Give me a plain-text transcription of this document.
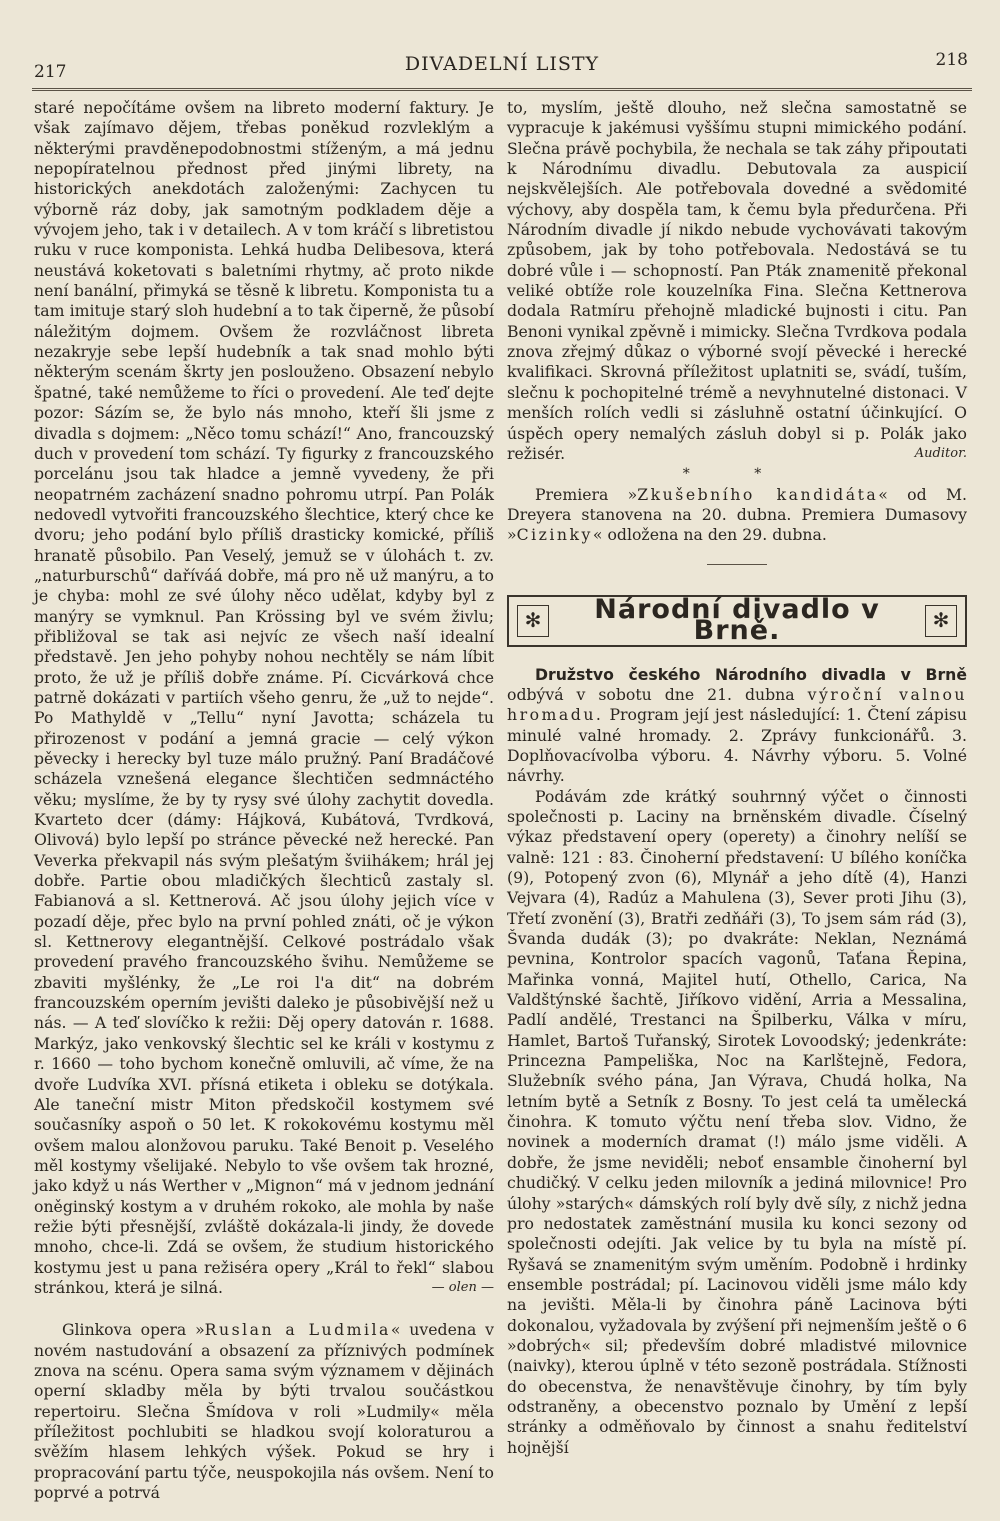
217	DIVADELNÍ LISTY	218

staré nepočítáme ovšem na libreto moderní faktury. Je však zajímavo dějem, třebas poněkud rozvleklým a některými pravděnepodobnostmi stíženým, a má jednu nepopíratelnou přednost před jinými librety, na historických anekdotách založenými: Zachycen tu výborně ráz doby, jak samotným podkladem děje a vývojem jeho, tak i v detailech. A v tom kráčí s libretistou ruku v ruce komponista. Lehká hudba Delibesova, která neustává koketovati s baletními rhytmy, ač proto nikde není banální, přimyká se těsně k libretu. Komponista tu a tam imituje starý sloh hudební a to tak čiperně, že působí náležitým dojmem. Ovšem že rozvláčnost libreta nezakryje sebe lepší hudebník a tak snad mohlo býti některým scenám škrty jen poslouženo. Obsazení nebylo špatné, také nemůžeme to říci o provedení. Ale teď dejte pozor: Sázím se, že bylo nás mnoho, kteří šli jsme z divadla s dojmem: „Něco tomu schází!“ Ano, francouzský duch v provedení tom schází. Ty figurky z francouzského porcelánu jsou tak hladce a jemně vyvedeny, že při neopatrném zacházení snadno pohromu utrpí. Pan Polák nedovedl vytvořiti francouzského šlechtice, který chce ke dvoru; jeho podání bylo příliš drasticky komické, příliš hranatě působilo. Pan Veselý, jemuž se v úlohách t. zv. „naturburschů“ daříváá dobře, má pro ně už manýru, a to je chyba: mohl ze své úlohy něco udělat, kdyby byl z manýry se vymknul. Pan Krössing byl ve svém živlu; přibližoval se tak asi nejvíc ze všech naší idealní představě. Jen jeho pohyby nohou nechtěly se nám líbit proto, že už je příliš dobře známe. Pí. Cicvárková chce patrně dokázati v partiích všeho genru, že „už to nejde“. Po Mathyldě v „Tellu“ nyní Javotta; scházela tu přirozenost v podání a jemná gracie — celý výkon pěvecky i herecky byl tuze málo pružný. Paní Bradáčové scházela vznešená elegance šlechtičen sedmnáctého věku; myslíme, že by ty rysy své úlohy zachytit dovedla. Kvarteto dcer (dámy: Hájková, Kubátová, Tvrdková, Olivová) bylo lepší po stránce pěvecké než herecké. Pan Veverka překvapil nás svým plešatým šviihákem; hrál jej dobře. Partie obou mladičkých šlechticů zastaly sl. Fabianová a sl. Kettnerová. Ač jsou úlohy jejich více v pozadí děje, přec bylo na první pohled znáti, oč je výkon sl. Kettnerovy elegantnější. Celkové postrádalo však provedení pravého francouzského švihu. Nemůžeme se zbaviti myšlénky, že „Le roi l'a dit“ na dobrém francouzském operním jevišti daleko je působivější než u nás. — A teď slovíčko k režii: Děj opery datován r. 1688. Markýz, jako venkovský šlechtic sel ke králi v kostymu z r. 1660 — toho bychom konečně omluvili, ač víme, že na dvoře Ludvíka XVI. přísná etiketa i obleku se dotýkala. Ale taneční mistr Miton předskočil kostymem své současníky aspoň o 50 let. K rokokovému kostymu měl ovšem malou alonžovou paruku. Také Benoit p. Veselého měl kostymy všelijaké. Nebylo to vše ovšem tak hrozné, jako když u nás Werther v „Mignon“ má v jednom jednání oněginský kostym a v druhém rokoko, ale mohla by naše režie býti přesnější, zvláště dokázala-li jindy, že dovede mnoho, chce-li. Zdá se ovšem, že studium historického kostymu jest u pana režiséra opery „Král to řekl“ slabou stránkou, která je silná.	— olen —

Glinkova opera »Ruslan a Ludmila« uvedena v novém nastudování a obsazení za příznivých podmínek znova na scénu. Opera sama svým významem v dějinách operní skladby měla by býti trvalou součástkou repertoiru. Slečna Šmídova v roli »Ludmily« měla příležitost pochlubiti se hladkou svojí koloraturou a svěžím hlasem lehkých výšek. Pokud se hry i propracování partu týče, neuspokojila nás ovšem. Není to poprvé a potrvá

to, myslím, ještě dlouho, než slečna samostatně se vypracuje k jakémusi vyššímu stupni mimického podání. Slečna právě pochybila, že nechala se tak záhy připoutati k Národnímu divadlu. Debutovala za auspicií nejskvělejších. Ale potřebovala dovedné a svědomité výchovy, aby dospěla tam, k čemu byla předurčena. Při Národním divadle jí nikdo nebude vychovávati takovým způsobem, jak by toho potřebovala. Nedostává se tu dobré vůle i — schopností. Pan Pták znamenitě překonal veliké obtíže role kouzelníka Fina. Slečna Kettnerova dodala Ratmíru přehojně mladické bujnosti i citu. Pan Benoni vynikal zpěvně i mimicky. Slečna Tvrdkova podala znova zřejmý důkaz o výborné svojí pěvecké i herecké kvalifikaci. Skrovná příležitost uplatniti se, svádí, tuším, slečnu k pochopitelné trémě a nevyhnutelné distonaci. V menších rolích vedli si zásluhně ostatní účinkující. O úspěch opery nemalých zásluh dobyl si p. Polák jako režisér.	Auditor.

* *

Premiera »Zkušebního kandidáta« od M. Dreyera stanovena na 20. dubna. Premiera Dumasovy »Cizinky« odložena na den 29. dubna.

✻	Národní divadlo v Brně.	✻

Družstvo českého Národního divadla v Brně odbývá v sobotu dne 21. dubna výroční valnou hromadu. Program její jest následující: 1. Čtení zápisu minulé valné hromady. 2. Zprávy funkcionářů. 3. Doplňovacívolba výboru. 4. Návrhy výboru. 5. Volné návrhy.

Podávám zde krátký souhrnný výčet o činnosti společnosti p. Laciny na brněnském divadle. Číselný výkaz představení opery (operety) a činohry nelíší se valně: 121 : 83. Činoherní představení: U bílého koníčka (9), Potopený zvon (6), Mlynář a jeho dítě (4), Hanzi Vejvara (4), Radúz a Mahulena (3), Sever proti Jihu (3), Třetí zvonění (3), Bratři zedňáři (3), To jsem sám rád (3), Švanda dudák (3); po dvakráte: Neklan, Neznámá pevnina, Kontrolor spacích vagonů, Taťana Řepina, Mařinka vonná, Majitel hutí, Othello, Carica, Na Valdštýnské šachtě, Jiříkovo vidění, Arria a Messalina, Padlí andělé, Trestanci na Špilberku, Válka v míru, Hamlet, Bartoš Tuřanský, Sirotek Lovoodský; jedenkráte: Princezna Pampeliška, Noc na Karlštejně, Fedora, Služebník svého pána, Jan Výrava, Chudá holka, Na letním bytě a Setník z Bosny. To jest celá ta umělecká činohra. K tomuto výčtu není třeba slov. Vidno, že novinek a moderních dramat (!) málo jsme viděli. A dobře, že jsme neviděli; neboť ensamble činoherní byl chudičký. V celku jeden milovník a jediná milovnice! Pro úlohy »starých« dámských rolí byly dvě síly, z nichž jedna pro nedostatek zaměstnání musila ku konci sezony od společnosti odejíti. Jak velice by tu byla na místě pí. Ryšavá se znamenitým svým uměním. Podobně i hrdinky ensemble postrádal; pí. Lacinovou viděli jsme málo kdy na jevišti. Měla-li by činohra páně Lacinova býti dokonalou, vyžadovala by zvýšení při nejmenším ještě o 6 »dobrých« sil; především dobré mladistvé milovnice (naivky), kterou úplně v této sezoně postrádala. Stížnosti do obecenstva, že nenavštěvuje činohry, by tím byly odstraněny, a obecenstvo poznalo by Umění z lepší stránky a odměňovalo by činnost a snahu ředitelství hojnější
